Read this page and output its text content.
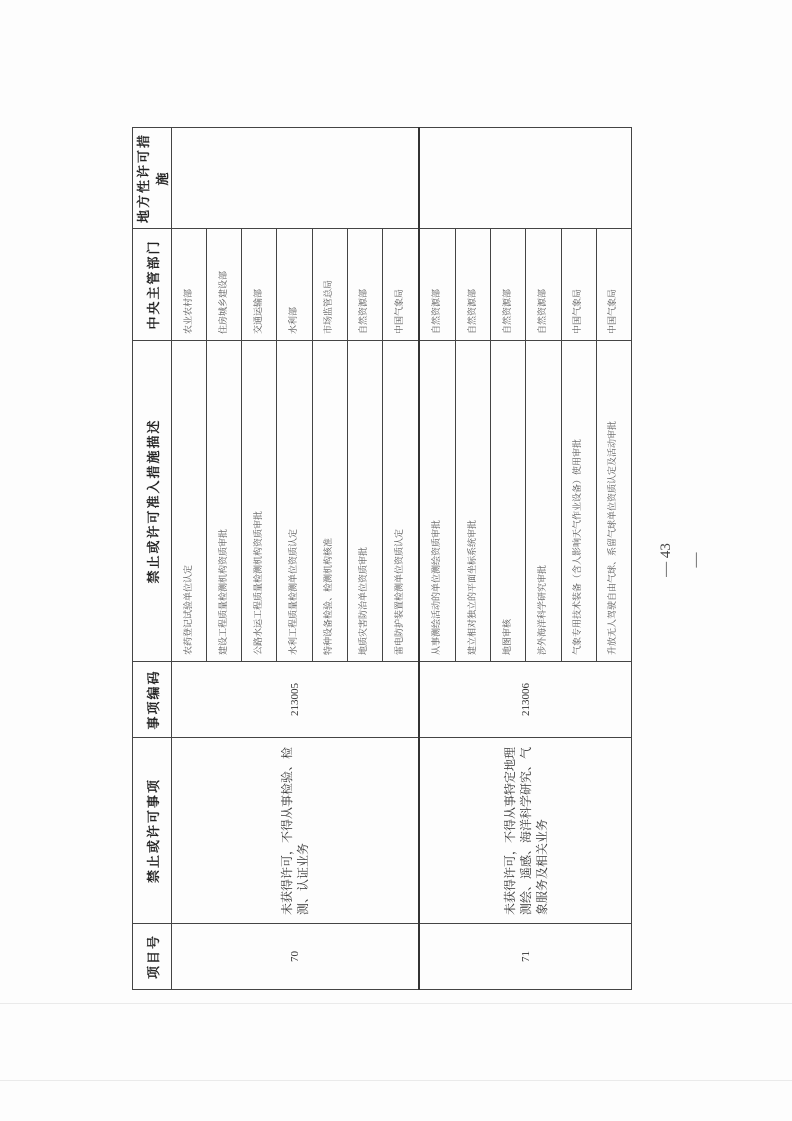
项目号	禁止或许可事项	事项编码	禁止或许可准入措施描述	中央主管部门	地方性许可措施
70	未获得许可，不得从事检验、检测、认证业务	213005	农药登记试验单位认定	农业农村部	
			建设工程质量检测机构资质审批	住房城乡建设部	
			公路水运工程质量检测机构资质审批	交通运输部	
			水利工程质量检测单位资质认定	水利部	
			特种设备检验、检测机构核准	市场监管总局	
			地质灾害防治单位资质审批	自然资源部	
			雷电防护装置检测单位资质认定	中国气象局	
71	未获得许可，不得从事特定地理测绘、遥感、海洋科学研究、气象服务及相关业务	213006	从事测绘活动的单位测绘资质审批	自然资源部	
			建立相对独立的平面坐标系统审批	自然资源部	
			地图审核	自然资源部	
			涉外海洋科学研究审批	自然资源部	
			气象专用技术装备（含人影响天气作业设备）使用审批	中国气象局	
			升放无人驾驶自由气球、系留气球单位资质认定及活动审批	中国气象局	
— 43 —
